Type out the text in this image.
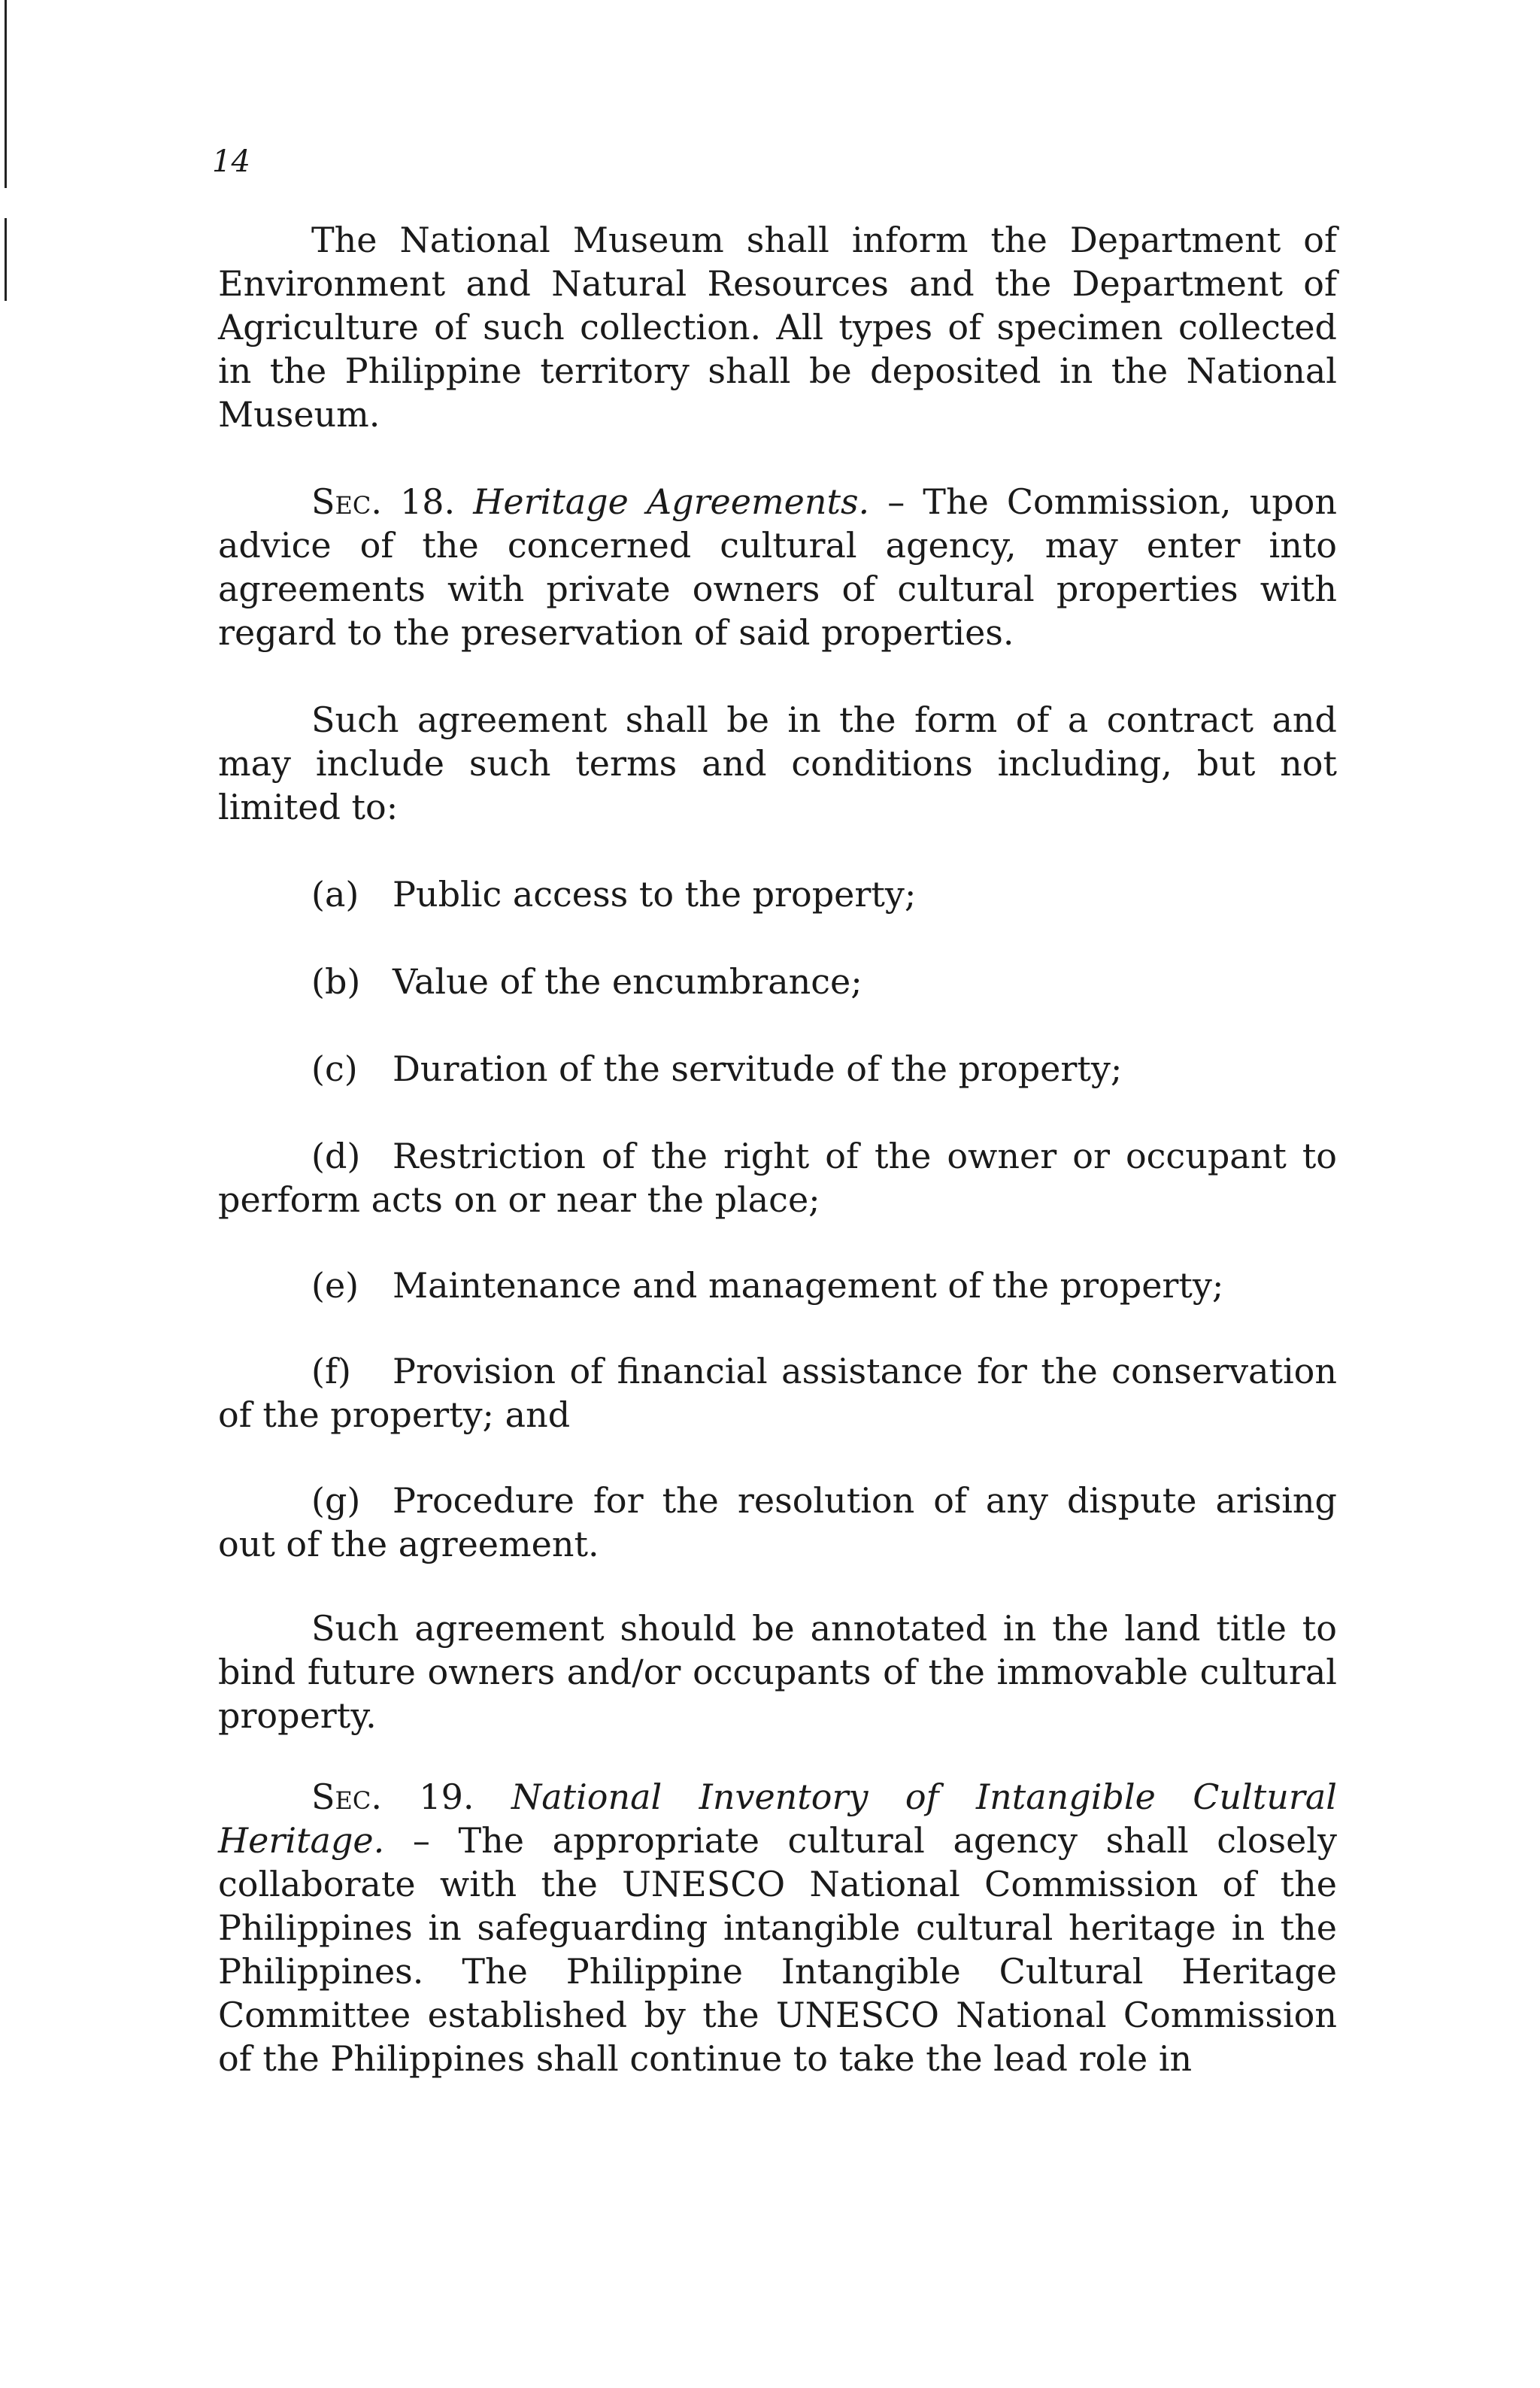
14

The National Museum shall inform the Department of Environment and Natural Resources and the Department of Agriculture of such collection. All types of specimen collected in the Philippine territory shall be deposited in the National Museum.

Sec. 18. Heritage Agreements. – The Commission, upon advice of the concerned cultural agency, may enter into agreements with private owners of cultural properties with regard to the preservation of said properties.

Such agreement shall be in the form of a contract and may include such terms and conditions including, but not limited to:

(a) Public access to the property;

(b) Value of the encumbrance;

(c) Duration of the servitude of the property;

(d) Restriction of the right of the owner or occupant to perform acts on or near the place;

(e) Maintenance and management of the property;

(f) Provision of financial assistance for the conservation of the property; and

(g) Procedure for the resolution of any dispute arising out of the agreement.

Such agreement should be annotated in the land title to bind future owners and/or occupants of the immovable cultural property.

Sec. 19. National Inventory of Intangible Cultural Heritage. – The appropriate cultural agency shall closely collaborate with the UNESCO National Commission of the Philippines in safeguarding intangible cultural heritage in the Philippines. The Philippine Intangible Cultural Heritage Committee established by the UNESCO National Commission of the Philippines shall continue to take the lead role in
